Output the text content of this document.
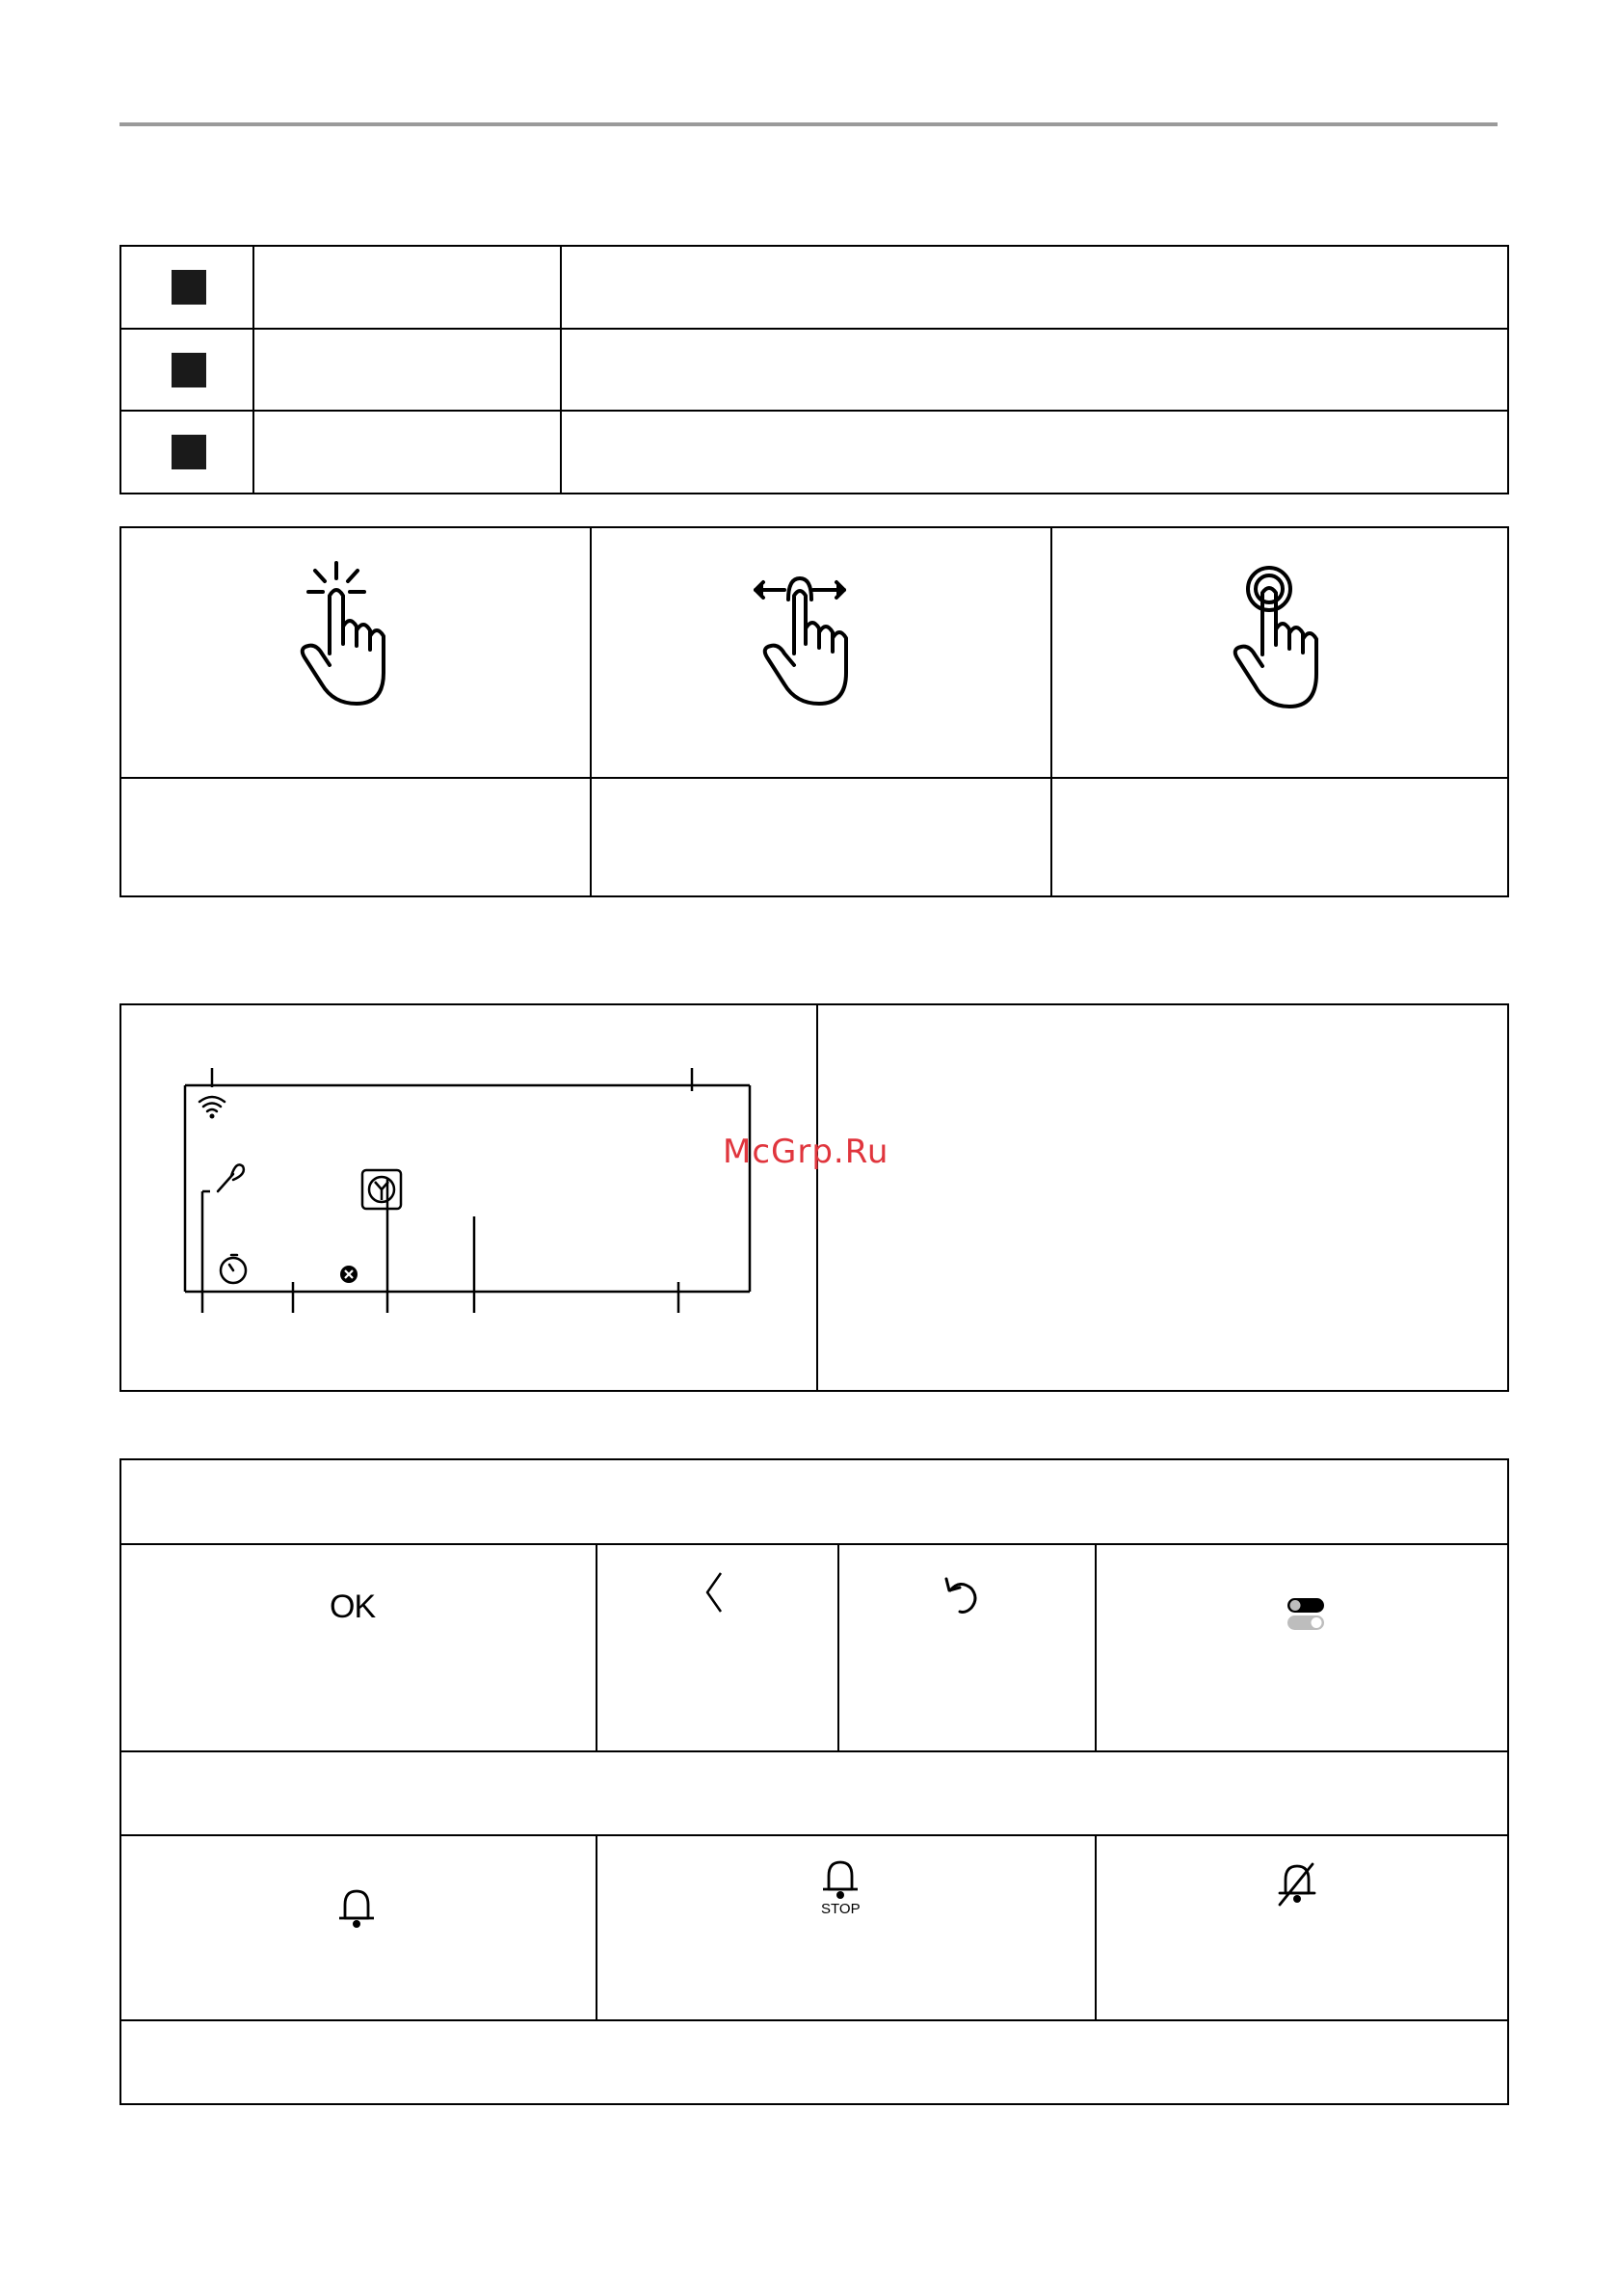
McGrp.Ru
OK
STOP
